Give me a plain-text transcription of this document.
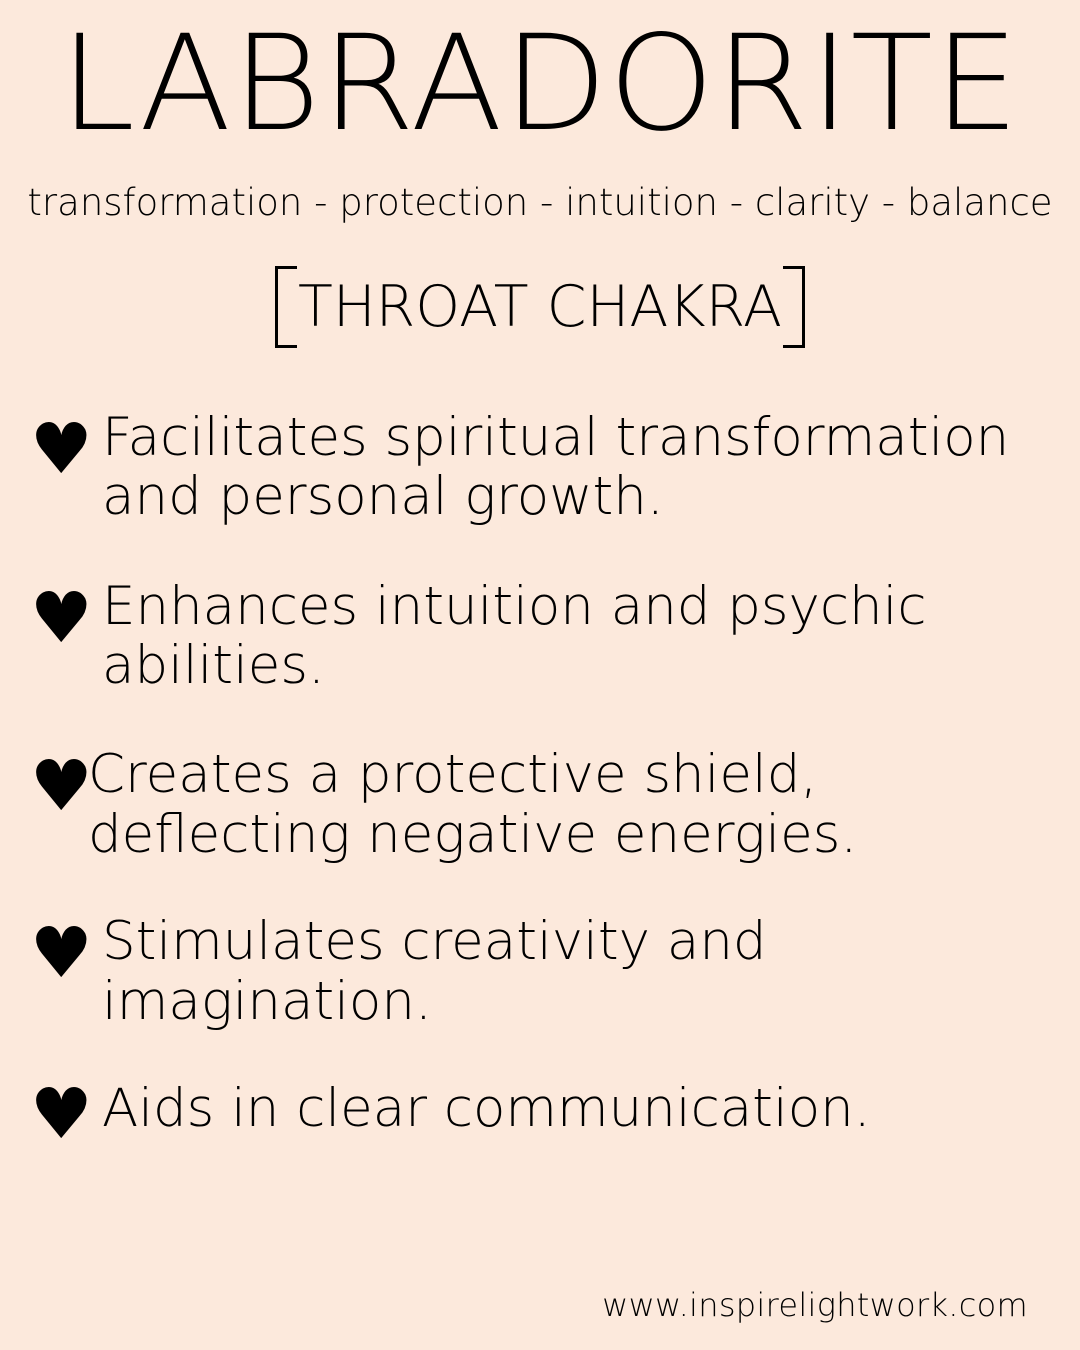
LABRADORITE
transformation - protection - intuition - clarity - balance
THROAT CHAKRA
♥ Facilitates spiritual transformation and personal growth.
♥ Enhances intuition and psychic abilities.
♥
Creates a protective shield, deflecting negative energies.
♥ Stimulates creativity and imagination.
♥ Aids in clear communication.
www.inspirelightwork.com
